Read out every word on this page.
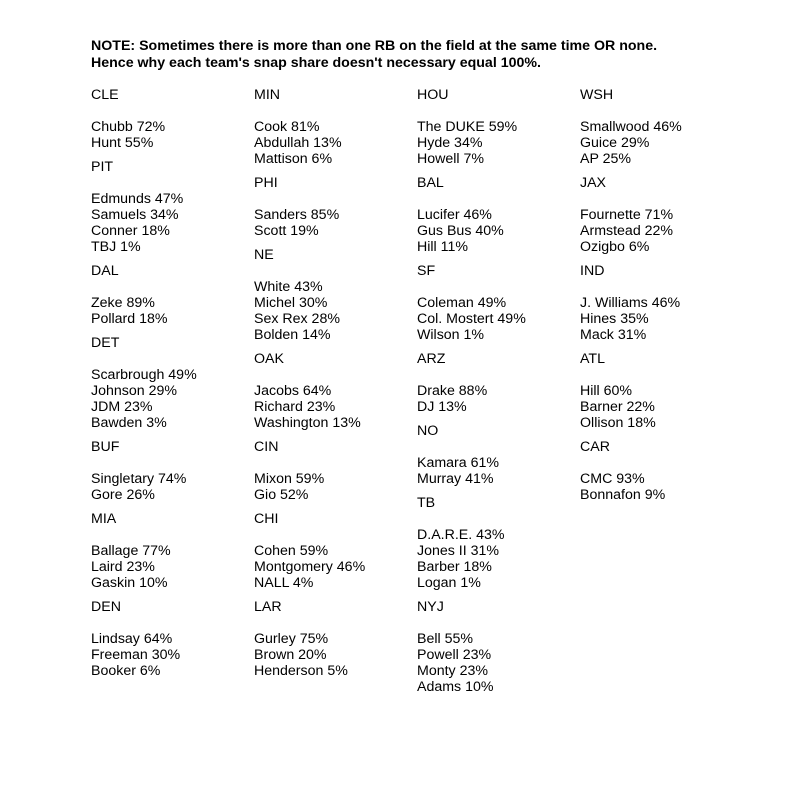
NOTE: Sometimes there is more than one RB on the field at the same time OR none.
Hence why each team's snap share doesn't necessary equal 100%.
CLE
Chubb 72%
Hunt 55%
PIT
Edmunds 47%
Samuels 34%
Conner 18%
TBJ 1%
DAL
Zeke 89%
Pollard 18%
DET
Scarbrough 49%
Johnson 29%
JDM 23%
Bawden 3%
BUF
Singletary 74%
Gore 26%
MIA
Ballage 77%
Laird 23%
Gaskin 10%
DEN
Lindsay 64%
Freeman 30%
Booker 6%
MIN
Cook 81%
Abdullah 13%
Mattison 6%
PHI
Sanders 85%
Scott 19%
NE
White 43%
Michel 30%
Sex Rex 28%
Bolden 14%
OAK
Jacobs 64%
Richard 23%
Washington 13%
CIN
Mixon 59%
Gio 52%
CHI
Cohen 59%
Montgomery 46%
NALL 4%
LAR
Gurley 75%
Brown 20%
Henderson 5%
HOU
The DUKE 59%
Hyde 34%
Howell 7%
BAL
Lucifer 46%
Gus Bus 40%
Hill 11%
SF
Coleman 49%
Col. Mostert 49%
Wilson 1%
ARZ
Drake 88%
DJ 13%
NO
Kamara 61%
Murray 41%
TB
D.A.R.E. 43%
Jones II 31%
Barber 18%
Logan 1%
NYJ
Bell 55%
Powell 23%
Monty 23%
Adams 10%
WSH
Smallwood 46%
Guice 29%
AP 25%
JAX
Fournette 71%
Armstead 22%
Ozigbo 6%
IND
J. Williams 46%
Hines 35%
Mack 31%
ATL
Hill 60%
Barner 22%
Ollison 18%
CAR
CMC 93%
Bonnafon 9%
